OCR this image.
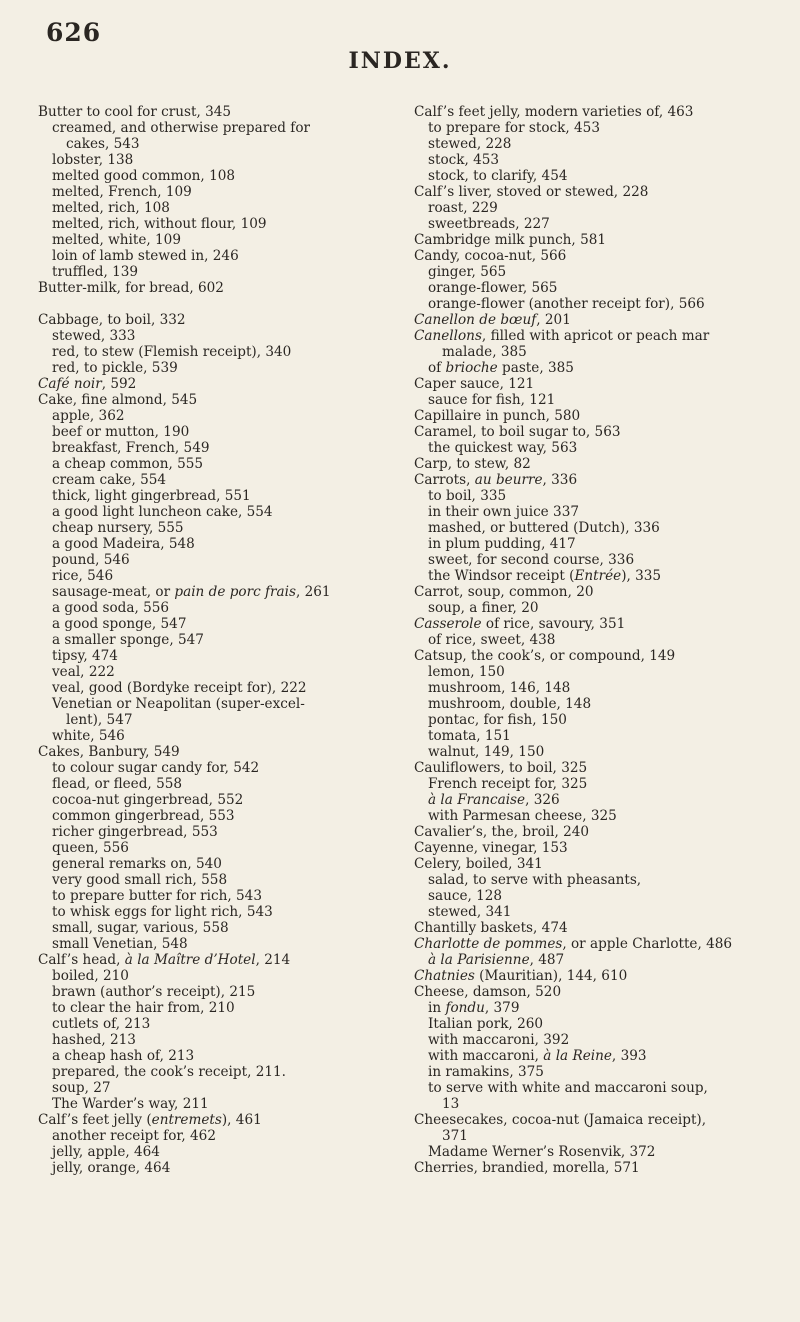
626
INDEX.
Butter to cool for crust, 345
creamed, and otherwise prepared for
cakes, 543
lobster, 138
melted good common, 108
melted, French, 109
melted, rich, 108
melted, rich, without flour, 109
melted, white, 109
loin of lamb stewed in, 246
truffled, 139
Butter-milk, for bread, 602
Cabbage, to boil, 332
stewed, 333
red, to stew (Flemish receipt), 340
red, to pickle, 539
Café noir, 592
Cake, fine almond, 545
apple, 362
beef or mutton, 190
breakfast, French, 549
a cheap common, 555
cream cake, 554
thick, light gingerbread, 551
a good light luncheon cake, 554
cheap nursery, 555
a good Madeira, 548
pound, 546
rice, 546
sausage-meat, or pain de porc frais, 261
a good soda, 556
a good sponge, 547
a smaller sponge, 547
tipsy, 474
veal, 222
veal, good (Bordyke receipt for), 222
Venetian or Neapolitan (super-excel-
lent), 547
white, 546
Cakes, Banbury, 549
to colour sugar candy for, 542
flead, or fleed, 558
cocoa-nut gingerbread, 552
common gingerbread, 553
richer gingerbread, 553
queen, 556
general remarks on, 540
very good small rich, 558
to prepare butter for rich, 543
to whisk eggs for light rich, 543
small, sugar, various, 558
small Venetian, 548
Calf’s head, à la Maître d’Hotel, 214
boiled, 210
brawn (author’s receipt), 215
to clear the hair from, 210
cutlets of, 213
hashed, 213
a cheap hash of, 213
prepared, the cook’s receipt, 211.
soup, 27
The Warder’s way, 211
Calf’s feet jelly (entremets), 461
another receipt for, 462
jelly, apple, 464
jelly, orange, 464
Calf’s feet jelly, modern varieties of, 463
to prepare for stock, 453
stewed, 228
stock, 453
stock, to clarify, 454
Calf’s liver, stoved or stewed, 228
roast, 229
sweetbreads, 227
Cambridge milk punch, 581
Candy, cocoa-nut, 566
ginger, 565
orange-flower, 565
orange-flower (another receipt for), 566
Canellon de bœuf, 201
Canellons, filled with apricot or peach mar
malade, 385
of brioche paste, 385
Caper sauce, 121
sauce for fish, 121
Capillaire in punch, 580
Caramel, to boil sugar to, 563
the quickest way, 563
Carp, to stew, 82
Carrots, au beurre, 336
to boil, 335
in their own juice 337
mashed, or buttered (Dutch), 336
in plum pudding, 417
sweet, for second course, 336
the Windsor receipt (Entrée), 335
Carrot, soup, common, 20
soup, a finer, 20
Casserole of rice, savoury, 351
of rice, sweet, 438
Catsup, the cook’s, or compound, 149
lemon, 150
mushroom, 146, 148
mushroom, double, 148
pontac, for fish, 150
tomata, 151
walnut, 149, 150
Cauliflowers, to boil, 325
French receipt for, 325
à la Francaise, 326
with Parmesan cheese, 325
Cavalier’s, the, broil, 240
Cayenne, vinegar, 153
Celery, boiled, 341
salad, to serve with pheasants,
sauce, 128
stewed, 341
Chantilly baskets, 474
Charlotte de pommes, or apple Charlotte, 486
à la Parisienne, 487
Chatnies (Mauritian), 144, 610
Cheese, damson, 520
in fondu, 379
Italian pork, 260
with maccaroni, 392
with maccaroni, à la Reine, 393
in ramakins, 375
to serve with white and maccaroni soup,
13
Cheesecakes, cocoa-nut (Jamaica receipt),
371
Madame Werner’s Rosenvik, 372
Cherries, brandied, morella, 571
